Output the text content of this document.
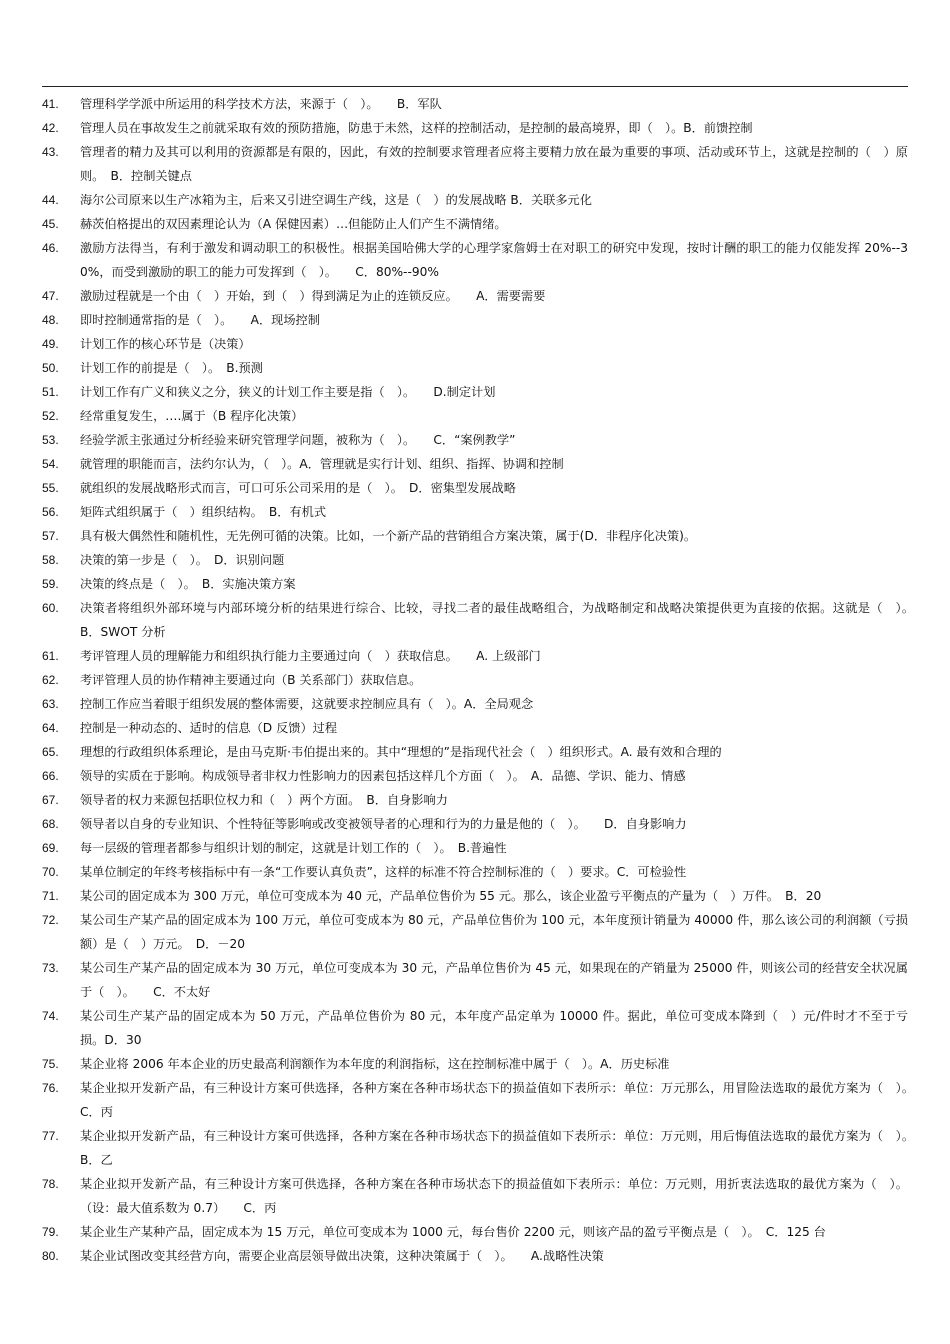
41.	管理科学学派中所运用的科学技术方法，来源于（　）。　　B．军队
42.	管理人员在事故发生之前就采取有效的预防措施，防患于未然，这样的控制活动，是控制的最高境界，即（　）。B．前馈控制
43.	管理者的精力及其可以利用的资源都是有限的，因此，有效的控制要求管理者应将主要精力放在最为重要的事项、活动或环节上，这就是控制的（　）原则。　B．控制关键点
44.	海尔公司原来以生产冰箱为主，后来又引进空调生产线，这是（　）的发展战略 B．关联多元化
45.	赫茨伯格提出的双因素理论认为（A 保健因素）…但能防止人们产生不满情绪。
46.	激励方法得当，有利于激发和调动职工的积极性。根据美国哈佛大学的心理学家詹姆士在对职工的研究中发现，按时计酬的职工的能力仅能发挥 20%--30%，而受到激励的职工的能力可发挥到（　）。　　C．80%--90%
47.	激励过程就是一个由（　）开始，到（　）得到满足为止的连锁反应。　　A．需要需要
48.	即时控制通常指的是（　）。　　A．现场控制
49.	计划工作的核心环节是（决策）
50.	计划工作的前提是（　）。　B.预测
51.	计划工作有广义和狭义之分，狭义的计划工作主要是指（　）。　　D.制定计划
52.	经常重复发生，….属于（B 程序化决策）
53.	经验学派主张通过分析经验来研究管理学问题，被称为（　）。　　C．“案例教学”
54.	就管理的职能而言，法约尔认为，（　）。A．管理就是实行计划、组织、指挥、协调和控制
55.	就组织的发展战略形式而言，可口可乐公司采用的是（　）。　D．密集型发展战略
56.	矩阵式组织属于（　）组织结构。　B．有机式
57.	具有极大偶然性和随机性，无先例可循的决策。比如，一个新产品的营销组合方案决策，属于(D．非程序化决策)。
58.	决策的第一步是（　）。　D．识别问题
59.	决策的终点是（　）。　B．实施决策方案
60.	决策者将组织外部环境与内部环境分析的结果进行综合、比较，寻找二者的最佳战略组合，为战略制定和战略决策提供更为直接的依据。这就是（　）。　　B．SWOT 分析
61.	考评管理人员的理解能力和组织执行能力主要通过向（　）获取信息。　　A. 上级部门
62.	考评管理人员的协作精神主要通过向（B 关系部门）获取信息。
63.	控制工作应当着眼于组织发展的整体需要，这就要求控制应具有（　）。A．全局观念
64.	控制是一种动态的、适时的信息（D 反馈）过程
65.	理想的行政组织体系理论，是由马克斯·韦伯提出来的。其中“理想的”是指现代社会（　）组织形式。A. 最有效和合理的
66.	领导的实质在于影响。构成领导者非权力性影响力的因素包括这样几个方面（　）。　A．品德、学识、能力、情感
67.	领导者的权力来源包括职位权力和（　）两个方面。　B．自身影响力
68.	领导者以自身的专业知识、个性特征等影响或改变被领导者的心理和行为的力量是他的（　）。　　D．自身影响力
69.	每一层级的管理者都参与组织计划的制定，这就是计划工作的（　）。　B.普遍性
70.	某单位制定的年终考核指标中有一条“工作要认真负责”，这样的标准不符合控制标准的（　）要求。C．可检验性
71.	某公司的固定成本为 300 万元，单位可变成本为 40 元，产品单位售价为 55 元。那么，该企业盈亏平衡点的产量为（　）万件。　B．20
72.	某公司生产某产品的固定成本为 100 万元，单位可变成本为 80 元，产品单位售价为 100 元，本年度预计销量为 40000 件，那么该公司的利润额（亏损额）是（　）万元。　D．－20
73.	某公司生产某产品的固定成本为 30 万元，单位可变成本为 30 元，产品单位售价为 45 元，如果现在的产销量为 25000 件，则该公司的经营安全状况属于（　）。　　C．不太好
74.	某公司生产某产品的固定成本为 50 万元，产品单位售价为 80 元，本年度产品定单为 10000 件。据此，单位可变成本降到（　）元/件时才不至于亏损。D．30
75.	某企业将 2006 年本企业的历史最高利润额作为本年度的利润指标，这在控制标准中属于（　）。A．历史标准
76.	某企业拟开发新产品，有三种设计方案可供选择，各种方案在各种市场状态下的损益值如下表所示：单位：万元那么，用冒险法选取的最优方案为（　）。　　C．丙
77.	某企业拟开发新产品，有三种设计方案可供选择，各种方案在各种市场状态下的损益值如下表所示：单位：万元则，用后悔值法选取的最优方案为（　）。　B．乙
78.	某企业拟开发新产品，有三种设计方案可供选择，各种方案在各种市场状态下的损益值如下表所示：单位：万元则，用折衷法选取的最优方案为（　）。（设：最大值系数为 0.7）　　C．丙
79.	某企业生产某种产品，固定成本为 15 万元，单位可变成本为 1000 元，每台售价 2200 元，则该产品的盈亏平衡点是（　）。　C．125 台
80.	某企业试图改变其经营方向，需要企业高层领导做出决策，这种决策属于（　）。　　A.战略性决策
